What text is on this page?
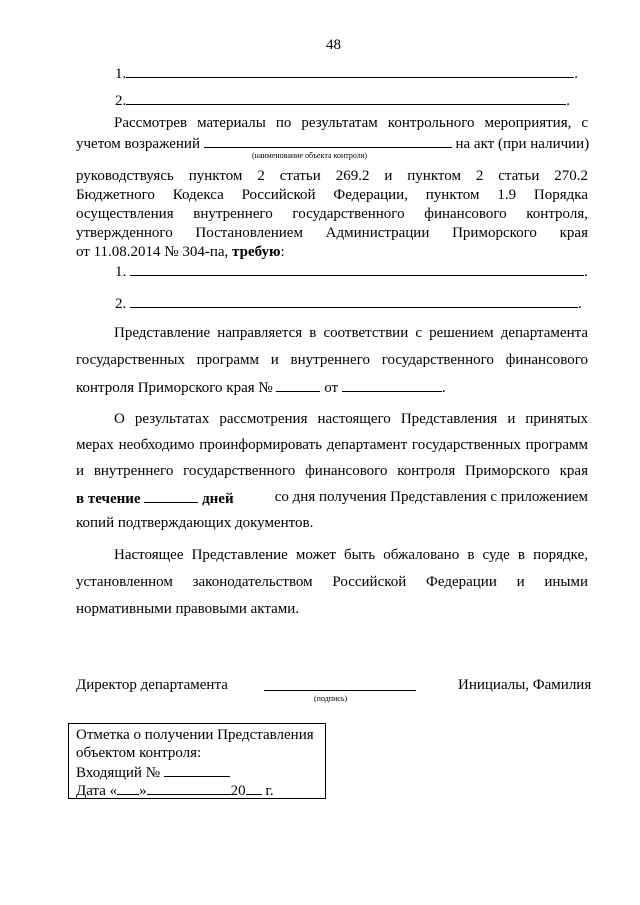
48
1.	.
2.	.
Рассмотрев материалы по результатам контрольного мероприятия, с
учетом возражений	на акт (при наличии)
(наименование объекта контроля)
руководствуясь пунктом 2 статьи 269.2 и пунктом 2 статьи 270.2
Бюджетного Кодекса Российской Федерации, пунктом 1.9 Порядка
осуществления внутреннего государственного финансового контроля,
утвержденного Постановлением Администрации Приморского края
от 11.08.2014 № 304-па, требую:
1.	.
2.	.
Представление направляется в соответствии с решением департамента
государственных программ и внутреннего государственного финансового
контроля Приморского края №	от	.
О результатах рассмотрения настоящего Представления и принятых
мерах необходимо проинформировать департамент государственных программ
и внутреннего государственного финансового контроля Приморского края
в течение	дней	со дня получения Представления с приложением
копий подтверждающих документов.
Настоящее Представление может быть обжаловано в суде в порядке,
установленном законодательством Российской Федерации и иными
нормативными правовыми актами.
Директор департамента
(подпись)
Инициалы, Фамилия
Отметка о получении Представления
объектом контроля:
Входящий №
Дата « »	20 г.
